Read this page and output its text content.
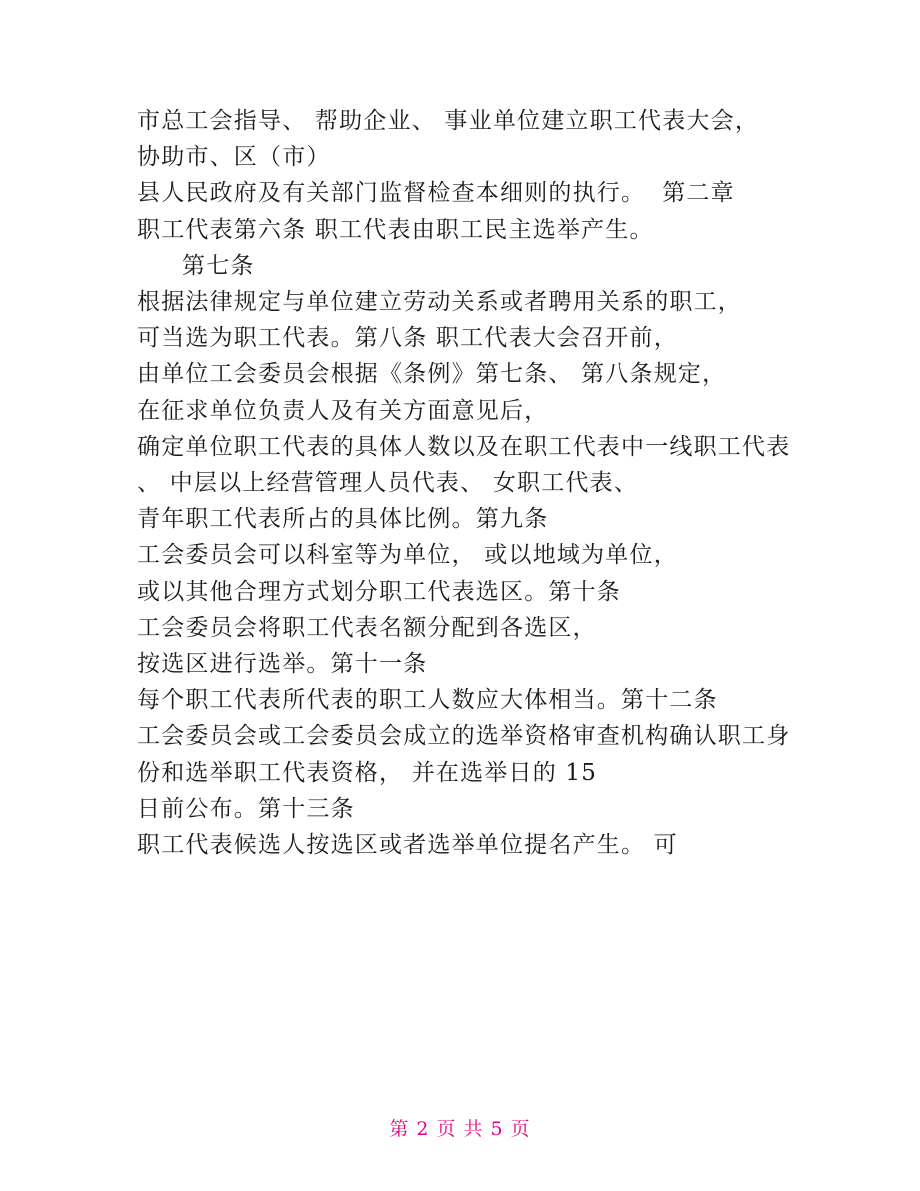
市总工会指导、 帮助企业、 事业单位建立职工代表大会，
协助市、区（市）
县人民政府及有关部门监督检查本细则的执行。  第二章
职工代表第六条 职工代表由职工民主选举产生。
第七条
根据法律规定与单位建立劳动关系或者聘用关系的职工，
可当选为职工代表。第八条 职工代表大会召开前，
由单位工会委员会根据《条例》第七条、 第八条规定，
在征求单位负责人及有关方面意见后，
确定单位职工代表的具体人数以及在职工代表中一线职工代表
、 中层以上经营管理人员代表、 女职工代表、
青年职工代表所占的具体比例。第九条
工会委员会可以科室等为单位， 或以地域为单位，
或以其他合理方式划分职工代表选区。第十条
工会委员会将职工代表名额分配到各选区，
按选区进行选举。第十一条
每个职工代表所代表的职工人数应大体相当。第十二条
工会委员会或工会委员会成立的选举资格审查机构确认职工身
份和选举职工代表资格， 并在选举日的 15
日前公布。第十三条
职工代表候选人按选区或者选举单位提名产生。 可
第 2 页 共 5 页
